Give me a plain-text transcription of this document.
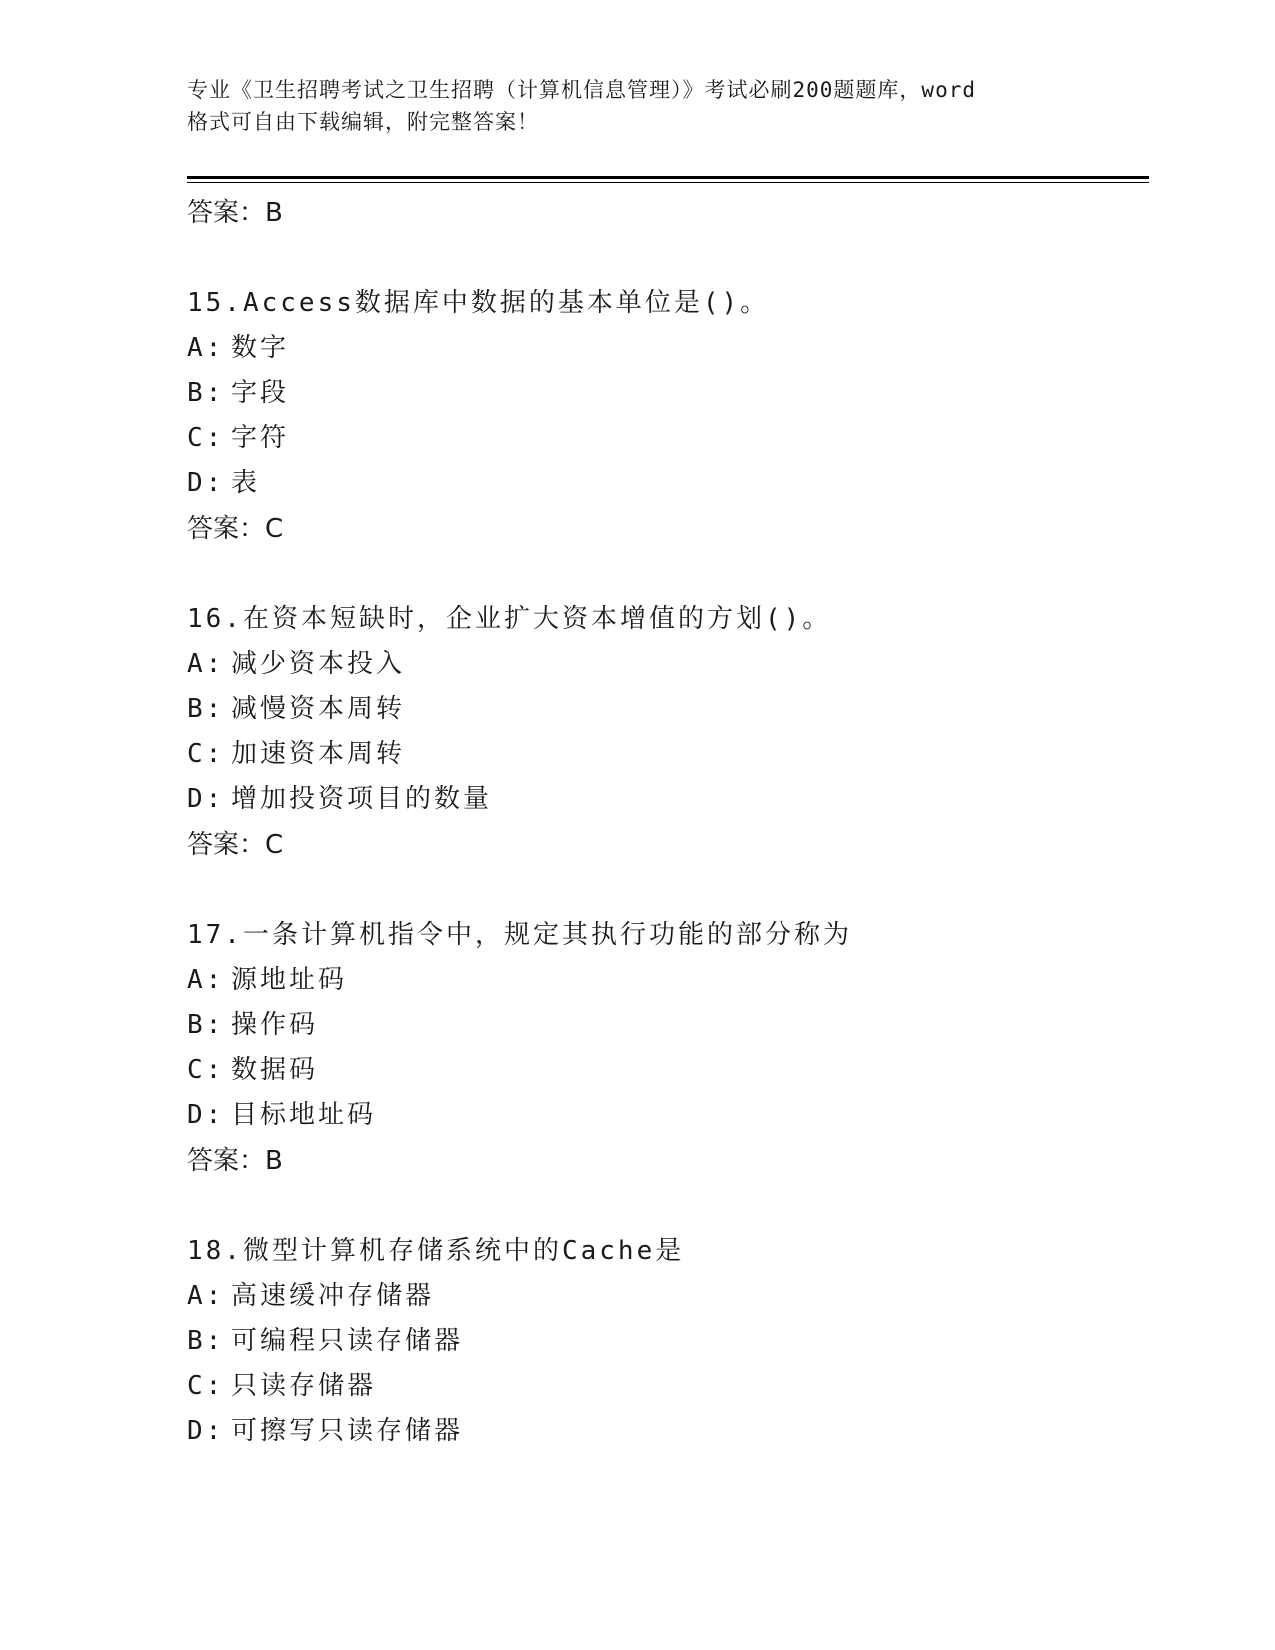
专业《卫生招聘考试之卫生招聘（计算机信息管理）》考试必刷200题题库，word
格式可自由下载编辑，附完整答案！
答案：B
15.Access数据库中数据的基本单位是()。
A: 数字
B: 字段
C: 字符
D: 表
答案：C
16.在资本短缺时，企业扩大资本增值的方划()。
A: 减少资本投入
B: 减慢资本周转
C: 加速资本周转
D: 增加投资项目的数量
答案：C
17.一条计算机指令中，规定其执行功能的部分称为
A: 源地址码
B: 操作码
C: 数据码
D: 目标地址码
答案：B
18.微型计算机存储系统中的Cache是
A: 高速缓冲存储器
B: 可编程只读存储器
C: 只读存储器
D: 可擦写只读存储器
